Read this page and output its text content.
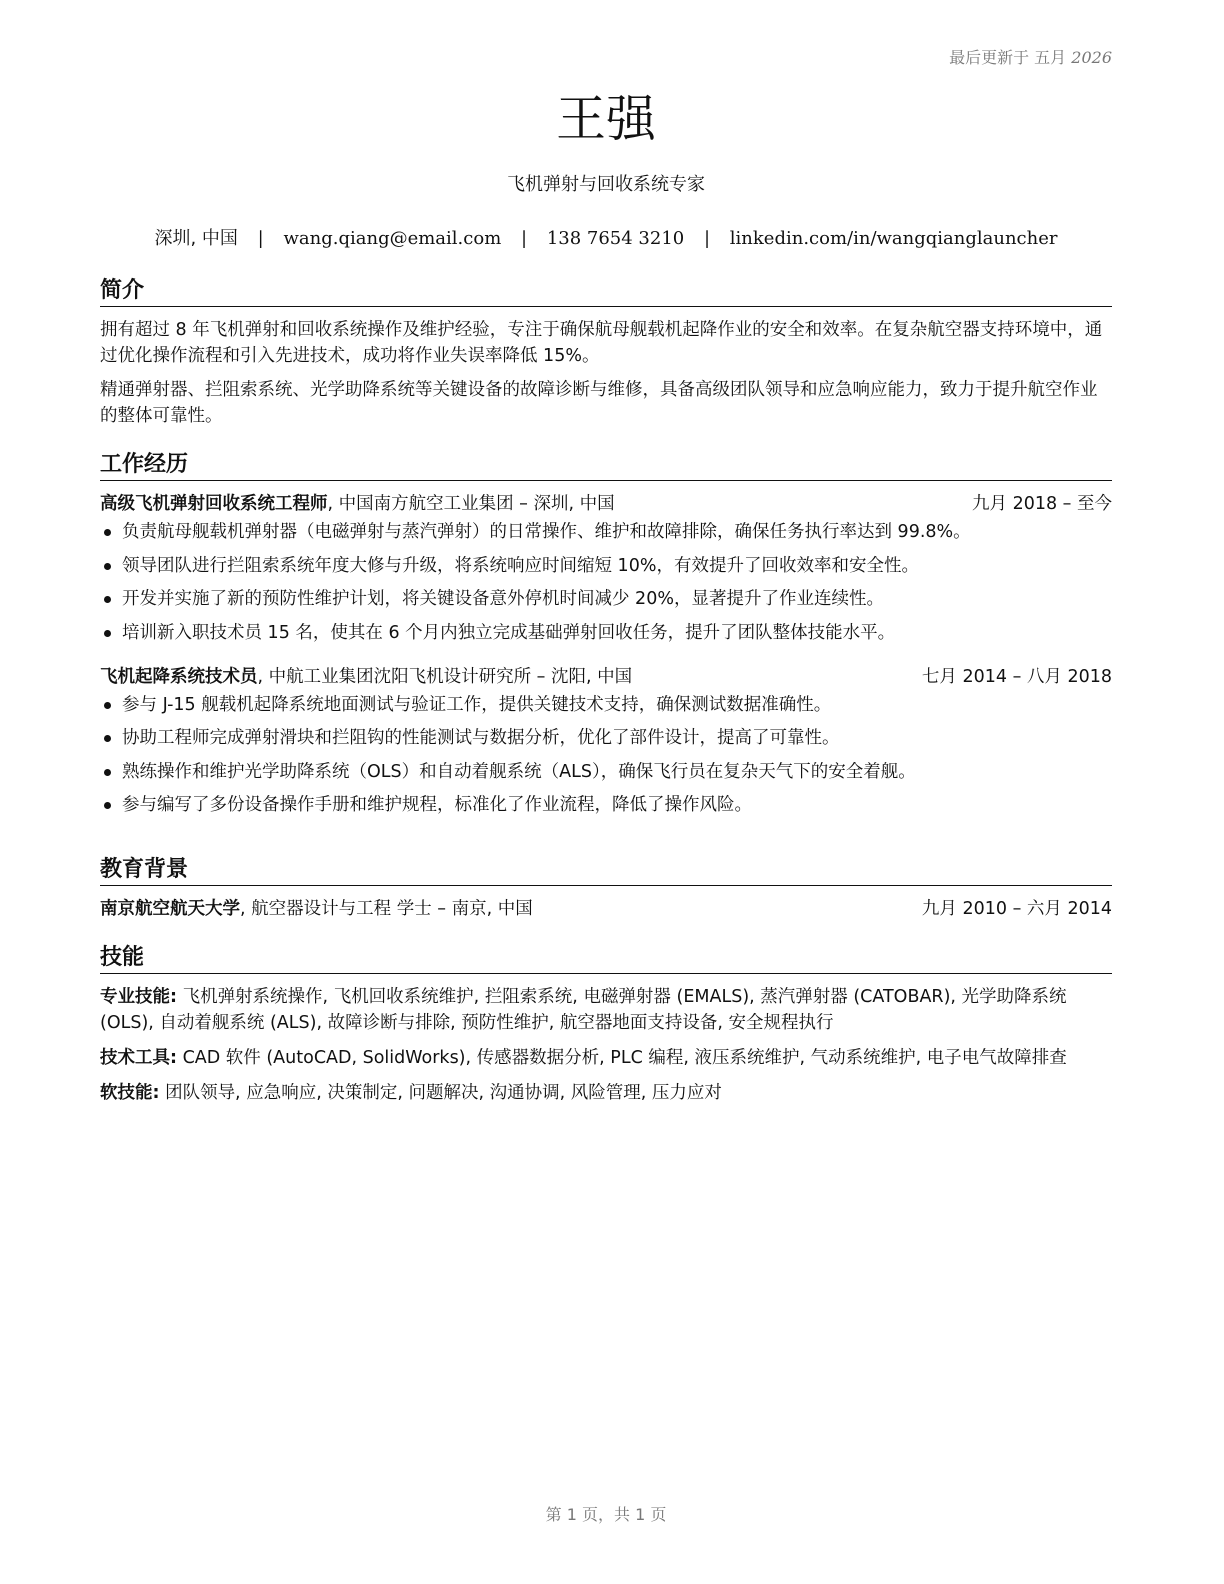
最后更新于 五月 2026
王强
飞机弹射与回收系统专家
深圳, 中国 | wang.qiang@email.com | 138 7654 3210 | linkedin.com/in/wangqianglauncher
简介

拥有超过 8 年飞机弹射和回收系统操作及维护经验，专注于确保航母舰载机起降作业的安全和效率。在复杂航空器支持环境中，通过优化操作流程和引入先进技术，成功将作业失误率降低 15%。

精通弹射器、拦阻索系统、光学助降系统等关键设备的故障诊断与维修，具备高级团队领导和应急响应能力，致力于提升航空作业的整体可靠性。

工作经历
高级飞机弹射回收系统工程师, 中国南方航空工业集团 – 深圳, 中国	九月 2018 – 至今
负责航母舰载机弹射器（电磁弹射与蒸汽弹射）的日常操作、维护和故障排除，确保任务执行率达到 99.8%。
领导团队进行拦阻索系统年度大修与升级，将系统响应时间缩短 10%，有效提升了回收效率和安全性。
开发并实施了新的预防性维护计划，将关键设备意外停机时间减少 20%，显著提升了作业连续性。
培训新入职技术员 15 名，使其在 6 个月内独立完成基础弹射回收任务，提升了团队整体技能水平。
飞机起降系统技术员, 中航工业集团沈阳飞机设计研究所 – 沈阳, 中国	七月 2014 – 八月 2018
参与 J-15 舰载机起降系统地面测试与验证工作，提供关键技术支持，确保测试数据准确性。
协助工程师完成弹射滑块和拦阻钩的性能测试与数据分析，优化了部件设计，提高了可靠性。
熟练操作和维护光学助降系统（OLS）和自动着舰系统（ALS），确保飞行员在复杂天气下的安全着舰。
参与编写了多份设备操作手册和维护规程，标准化了作业流程，降低了操作风险。
教育背景
南京航空航天大学, 航空器设计与工程 学士 – 南京, 中国	九月 2010 – 六月 2014
技能

专业技能: 飞机弹射系统操作, 飞机回收系统维护, 拦阻索系统, 电磁弹射器 (EMALS), 蒸汽弹射器 (CATOBAR), 光学助降系统 (OLS), 自动着舰系统 (ALS), 故障诊断与排除, 预防性维护, 航空器地面支持设备, 安全规程执行

技术工具: CAD 软件 (AutoCAD, SolidWorks), 传感器数据分析, PLC 编程, 液压系统维护, 气动系统维护, 电子电气故障排查

软技能: 团队领导, 应急响应, 决策制定, 问题解决, 沟通协调, 风险管理, 压力应对

第 1 页，共 1 页
